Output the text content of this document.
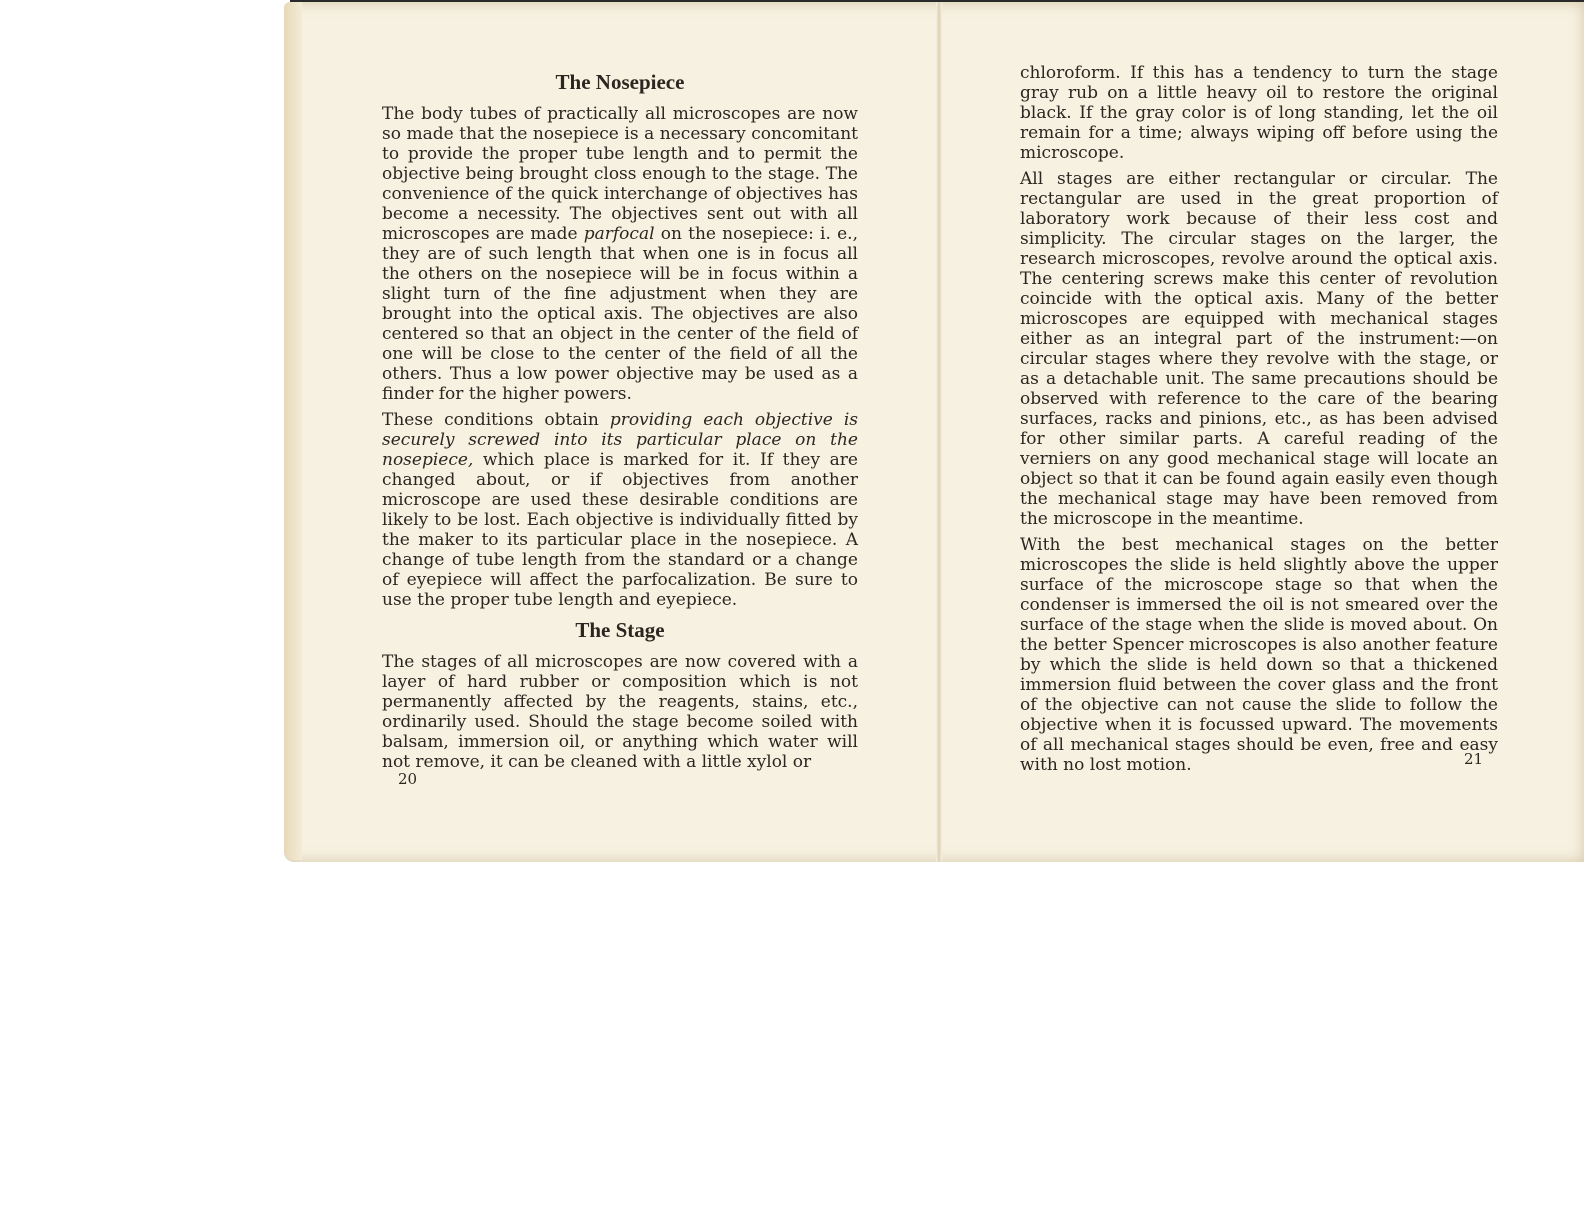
The Nosepiece

The body tubes of practically all microscopes are now so made that the nosepiece is a necessary concomitant to provide the proper tube length and to permit the objective being brought closs enough to the stage. The convenience of the quick interchange of objectives has become a necessity. The objectives sent out with all microscopes are made parfocal on the nosepiece: i. e., they are of such length that when one is in focus all the others on the nosepiece will be in focus within a slight turn of the fine adjustment when they are brought into the optical axis. The objectives are also centered so that an object in the center of the field of one will be close to the center of the field of all the others. Thus a low power objective may be used as a finder for the higher powers.

These conditions obtain providing each objective is securely screwed into its particular place on the nosepiece, which place is marked for it. If they are changed about, or if objectives from another microscope are used these desirable conditions are likely to be lost. Each objective is individually fitted by the maker to its particular place in the nosepiece. A change of tube length from the standard or a change of eyepiece will affect the parfocalization. Be sure to use the proper tube length and eyepiece.

The Stage

The stages of all microscopes are now covered with a layer of hard rubber or composition which is not permanently affected by the reagents, stains, etc., ordinarily used. Should the stage become soiled with balsam, immersion oil, or anything which water will not remove, it can be cleaned with a little xylol or

20

chloroform. If this has a tendency to turn the stage gray rub on a little heavy oil to restore the original black. If the gray color is of long standing, let the oil remain for a time; always wiping off before using the microscope.

All stages are either rectangular or circular. The rectangular are used in the great proportion of laboratory work because of their less cost and simplicity. The circular stages on the larger, the research microscopes, revolve around the optical axis. The centering screws make this center of revolution coincide with the optical axis. Many of the better microscopes are equipped with mechanical stages either as an integral part of the instrument:—on circular stages where they revolve with the stage, or as a detachable unit. The same precautions should be observed with reference to the care of the bearing surfaces, racks and pinions, etc., as has been advised for other similar parts. A careful reading of the verniers on any good mechanical stage will locate an object so that it can be found again easily even though the mechanical stage may have been removed from the microscope in the meantime.

With the best mechanical stages on the better microscopes the slide is held slightly above the upper surface of the microscope stage so that when the condenser is immersed the oil is not smeared over the surface of the stage when the slide is moved about. On the better Spencer microscopes is also another feature by which the slide is held down so that a thickened immersion fluid between the cover glass and the front of the objective can not cause the slide to follow the objective when it is focussed upward. The movements of all mechanical stages should be even, free and easy with no lost motion.	21
